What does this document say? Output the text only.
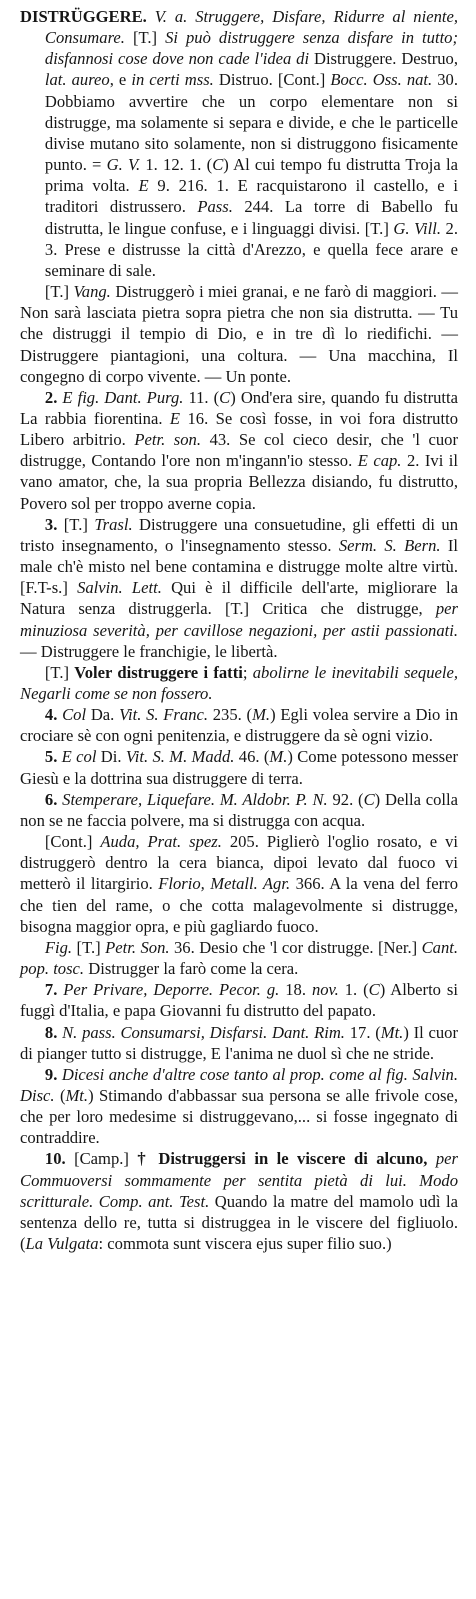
DISTRÜGGERE. V. a. Struggere, Disfare, Ridurre al niente, Consumare. [T.] Si può distruggere senza disfare in tutto; disfannosi cose dove non cade l'idea di Distruggere. Destruo, lat. aureo, e in certi mss. Distruo. [Cont.] Bocc. Oss. nat. 30. Dobbiamo avvertire che un corpo elementare non si distrugge, ma solamente si separa e divide, e che le particelle divise mutano sito solamente, non si distruggono fisicamente punto. = G. V. 1. 12. 1. (C) Al cui tempo fu distrutta Troja la prima volta. E 9. 216. 1. E racquistarono il castello, e i traditori distrussero. Pass. 244. La torre di Babello fu distrutta, le lingue confuse, e i linguaggi divisi. [T.] G. Vill. 2. 3. Prese e distrusse la città d'Arezzo, e quella fece arare e seminare di sale.

[T.] Vang. Distruggerò i miei granai, e ne farò di maggiori. — Non sarà lasciata pietra sopra pietra che non sia distrutta. — Tu che distruggi il tempio di Dio, e in tre dì lo riedifichi. — Distruggere piantagioni, una coltura. — Una macchina, Il congegno di corpo vivente. — Un ponte.

2. E fig. Dant. Purg. 11. (C) Ond'era sire, quando fu distrutta La rabbia fiorentina. E 16. Se così fosse, in voi fora distrutto Libero arbitrio. Petr. son. 43. Se col cieco desir, che 'l cuor distrugge, Contando l'ore non m'ingann'io stesso. E cap. 2. Ivi il vano amator, che, la sua propria Bellezza disiando, fu distrutto, Povero sol per troppo averne copia.

3. [T.] Trasl. Distruggere una consuetudine, gli effetti di un tristo insegnamento, o l'insegnamento stesso. Serm. S. Bern. Il male ch'è misto nel bene contamina e distrugge molte altre virtù. [F.T-s.] Salvin. Lett. Qui è il difficile dell'arte, migliorare la Natura senza distruggerla. [T.] Critica che distrugge, per minuziosa severità, per cavillose negazioni, per astii passionati. — Distruggere le franchigie, le libertà.

[T.] Voler distruggere i fatti; abolirne le inevitabili sequele, Negarli come se non fossero.

4. Col Da. Vit. S. Franc. 235. (M.) Egli volea servire a Dio in crociare sè con ogni penitenzia, e distruggere da sè ogni vizio.

5. E col Di. Vit. S. M. Madd. 46. (M.) Come potessono messer Giesù e la dottrina sua distruggere di terra.

6. Stemperare, Liquefare. M. Aldobr. P. N. 92. (C) Della colla non se ne faccia polvere, ma si distrugga con acqua.

[Cont.] Auda, Prat. spez. 205. Piglierò l'oglio rosato, e vi distruggerò dentro la cera bianca, dipoi levato dal fuoco vi metterò il litargirio. Florio, Metall. Agr. 366. A la vena del ferro che tien del rame, o che cotta malagevolmente si distrugge, bisogna maggior opra, e più gagliardo fuoco.

Fig. [T.] Petr. Son. 36. Desio che 'l cor distrugge. [Ner.] Cant. pop. tosc. Distrugger la farò come la cera.

7. Per Privare, Deporre. Pecor. g. 18. nov. 1. (C) Alberto si fuggì d'Italia, e papa Giovanni fu distrutto del papato.

8. N. pass. Consumarsi, Disfarsi. Dant. Rim. 17. (Mt.) Il cuor di pianger tutto si distrugge, E l'anima ne duol sì che ne stride.

9. Dicesi anche d'altre cose tanto al prop. come al fig. Salvin. Disc. (Mt.) Stimando d'abbassar sua persona se alle frivole cose, che per loro medesime si distruggevano,... si fosse ingegnato di contraddire.

10. [Camp.] † Distruggersi in le viscere di alcuno, per Commuoversi sommamente per sentita pietà di lui. Modo scritturale. Comp. ant. Test. Quando la matre del mamolo udì la sentenza dello re, tutta si distruggea in le viscere del figliuolo. (La Vulgata: commota sunt viscera ejus super filio suo.)
